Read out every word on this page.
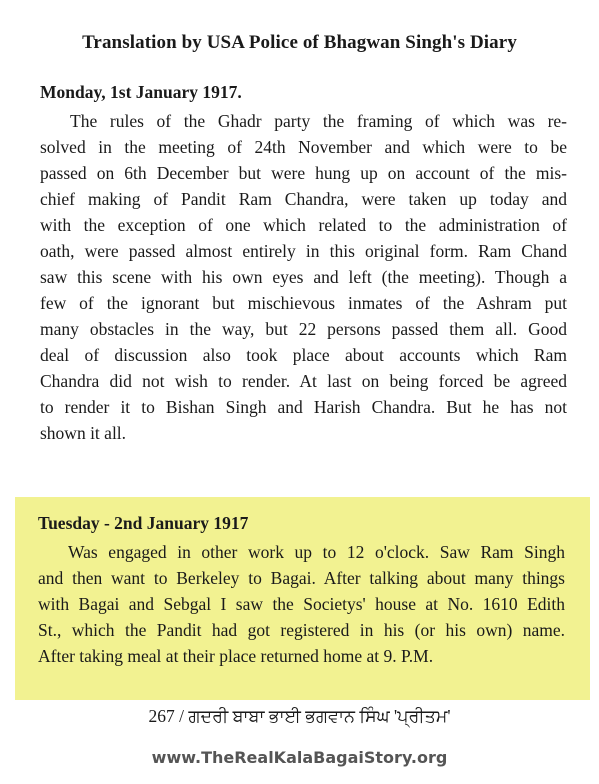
Translation by USA Police of Bhagwan Singh's Diary
Monday, 1st January 1917.
The rules of the Ghadr party the framing of which was re-
solved in the meeting of 24th November and which were to be
passed on 6th December but were hung up on account of the mis-
chief making of Pandit Ram Chandra, were taken up today and
with the exception of one which related to the administration of
oath, were passed almost entirely in this original form. Ram Chand
saw this scene with his own eyes and left (the meeting). Though a
few of the ignorant but mischievous inmates of the Ashram put
many obstacles in the way, but 22 persons passed them all. Good
deal of discussion also took place about accounts which Ram
Chandra did not wish to render. At last on being forced be agreed
to render it to Bishan Singh and Harish Chandra. But he has not
shown it all.
Tuesday - 2nd January 1917
Was engaged in other work up to 12 o'clock. Saw Ram Singh
and then want to Berkeley to Bagai. After talking about many things
with Bagai and Sebgal I saw the Societys' house at No. 1610 Edith
St., which the Pandit had got registered in his (or his own) name.
After taking meal at their place returned home at 9. P.M.
267 / ਗਦਰੀ ਬਾਬਾ ਭਾਈ ਭਗਵਾਨ ਸਿੰਘ 'ਪ੍ਰੀਤਮ'
www.TheRealKalaBagaiStory.org
